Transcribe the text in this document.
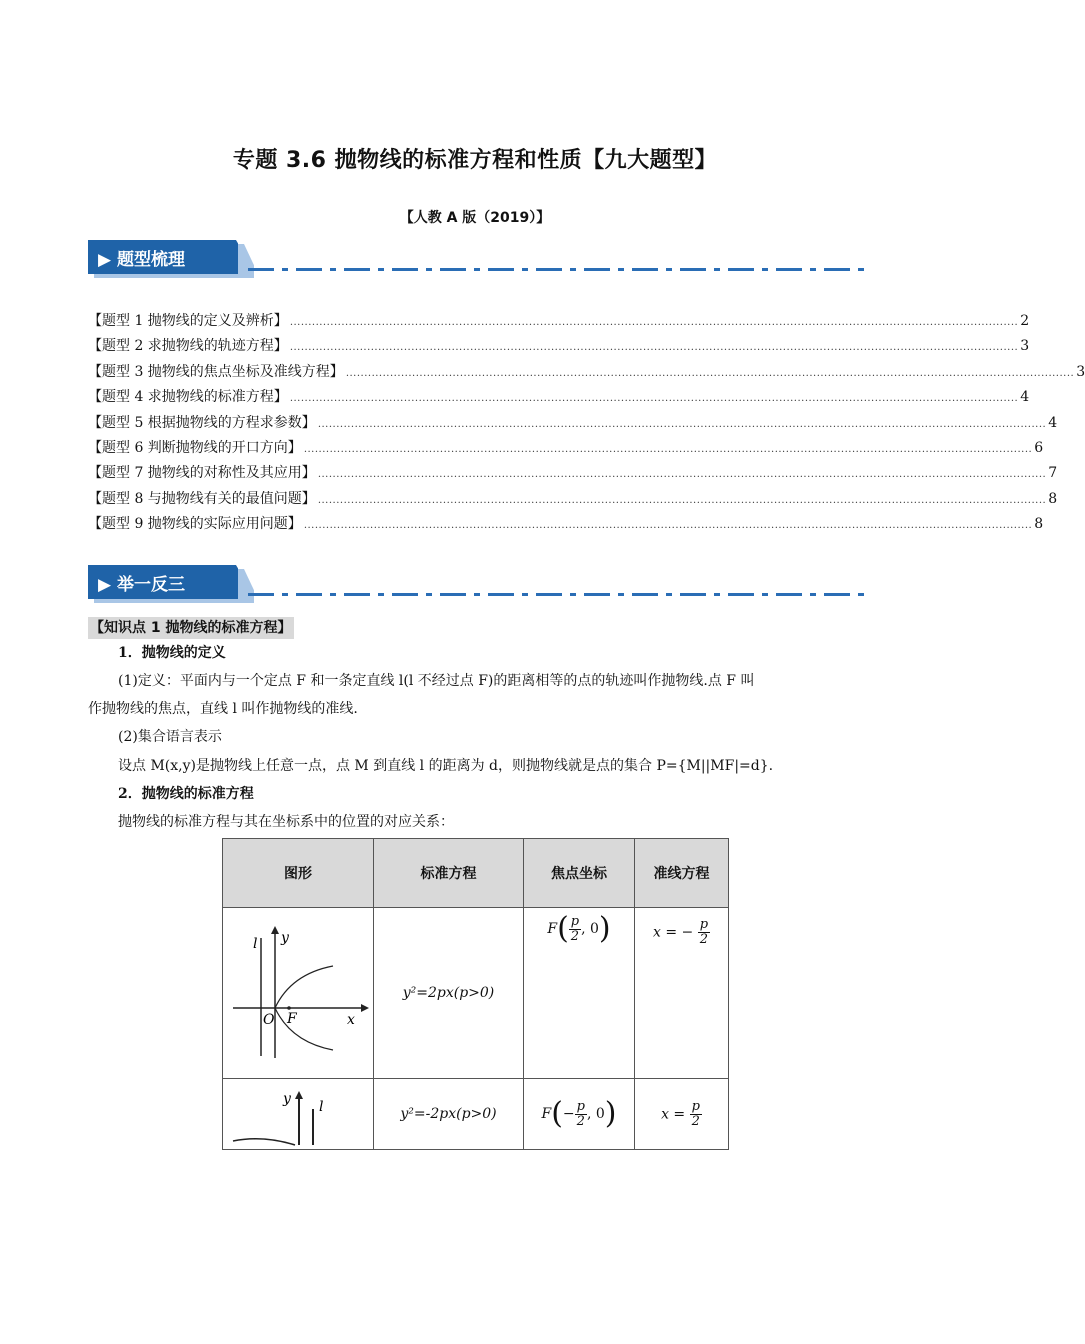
专题 3.6 抛物线的标准方程和性质【九大题型】
【人教 A 版（2019）】
▶ 题型梳理
【题型 1 抛物线的定义及辨析】 ...................................................................................................................................................................................................... 2
【题型 2 求抛物线的轨迹方程】 ...................................................................................................................................................................................................... 3
【题型 3 抛物线的焦点坐标及准线方程】 ...................................................................................................................................................................................................... 3
【题型 4 求抛物线的标准方程】 ...................................................................................................................................................................................................... 4
【题型 5 根据抛物线的方程求参数】 ...................................................................................................................................................................................................... 4
【题型 6 判断抛物线的开口方向】 ...................................................................................................................................................................................................... 6
【题型 7 抛物线的对称性及其应用】 ...................................................................................................................................................................................................... 7
【题型 8 与抛物线有关的最值问题】 ...................................................................................................................................................................................................... 8
【题型 9 抛物线的实际应用问题】 ...................................................................................................................................................................................................... 8
▶ 举一反三
【知识点 1 抛物线的标准方程】
1．抛物线的定义
(1)定义：平面内与一个定点 F 和一条定直线 l(l 不经过点 F)的距离相等的点的轨迹叫作抛物线.点 F 叫
作抛物线的焦点，直线 l 叫作抛物线的准线.
(2)集合语言表示
设点 M(x,y)是抛物线上任意一点，点 M 到直线 l 的距离为 d，则抛物线就是点的集合 P={M||MF|=d}.
2．抛物线的标准方程
抛物线的标准方程与其在坐标系中的位置的对应关系：
图形	标准方程	焦点坐标	准线方程

l y
x
O F	y²=2px(p>0)	$F( \frac{p}{2}$ , 0)	x = − $\frac{p}{2}$

y l	y²=-2px(p>0)	$F(- \frac{p}{2}$ , 0)	$x = \frac{p}{2}$
